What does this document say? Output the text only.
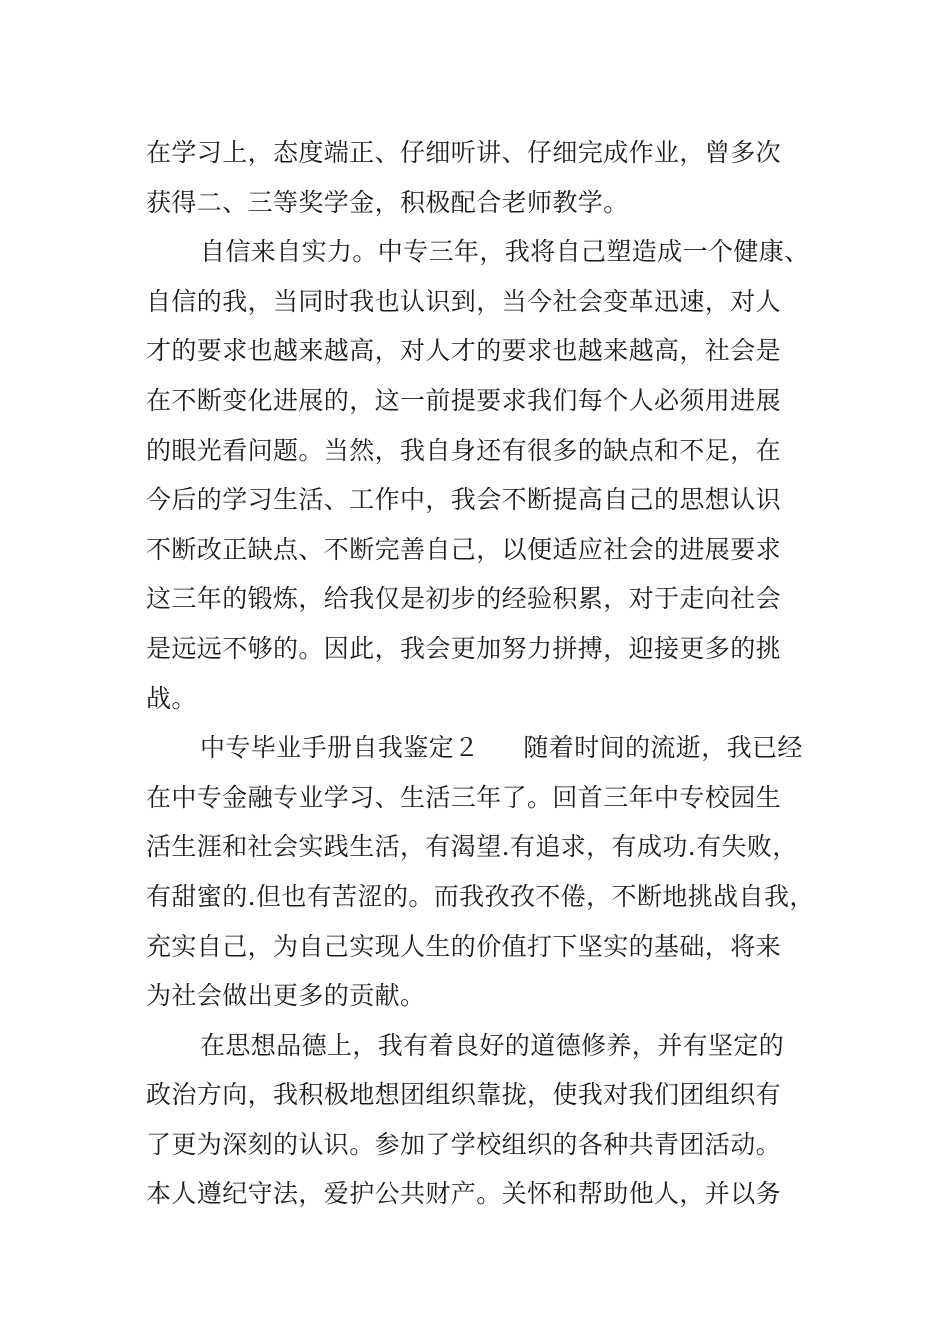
在学习上，态度端正、仔细听讲、仔细完成作业，曾多次
获得二、三等奖学金，积极配合老师教学。
自信来自实力。中专三年，我将自己塑造成一个健康、
自信的我，当同时我也认识到，当今社会变革迅速，对人
才的要求也越来越高，对人才的要求也越来越高，社会是
在不断变化进展的，这一前提要求我们每个人必须用进展
的眼光看问题。当然，我自身还有很多的缺点和不足，在
今后的学习生活、工作中，我会不断提高自己的思想认识
不断改正缺点、不断完善自己，以便适应社会的进展要求
这三年的锻炼，给我仅是初步的经验积累，对于走向社会
是远远不够的。因此，我会更加努力拼搏，迎接更多的挑
战。
中专毕业手册自我鉴定２ 随着时间的流逝，我已经
在中专金融专业学习、生活三年了。回首三年中专校园生
活生涯和社会实践生活，有渴望.有追求，有成功.有失败，
有甜蜜的.但也有苦涩的。而我孜孜不倦，不断地挑战自我，
充实自己，为自己实现人生的价值打下坚实的基础，将来
为社会做出更多的贡献。
在思想品德上，我有着良好的道德修养，并有坚定的
政治方向，我积极地想团组织靠拢，使我对我们团组织有
了更为深刻的认识。参加了学校组织的各种共青团活动。
本人遵纪守法，爱护公共财产。关怀和帮助他人，并以务
